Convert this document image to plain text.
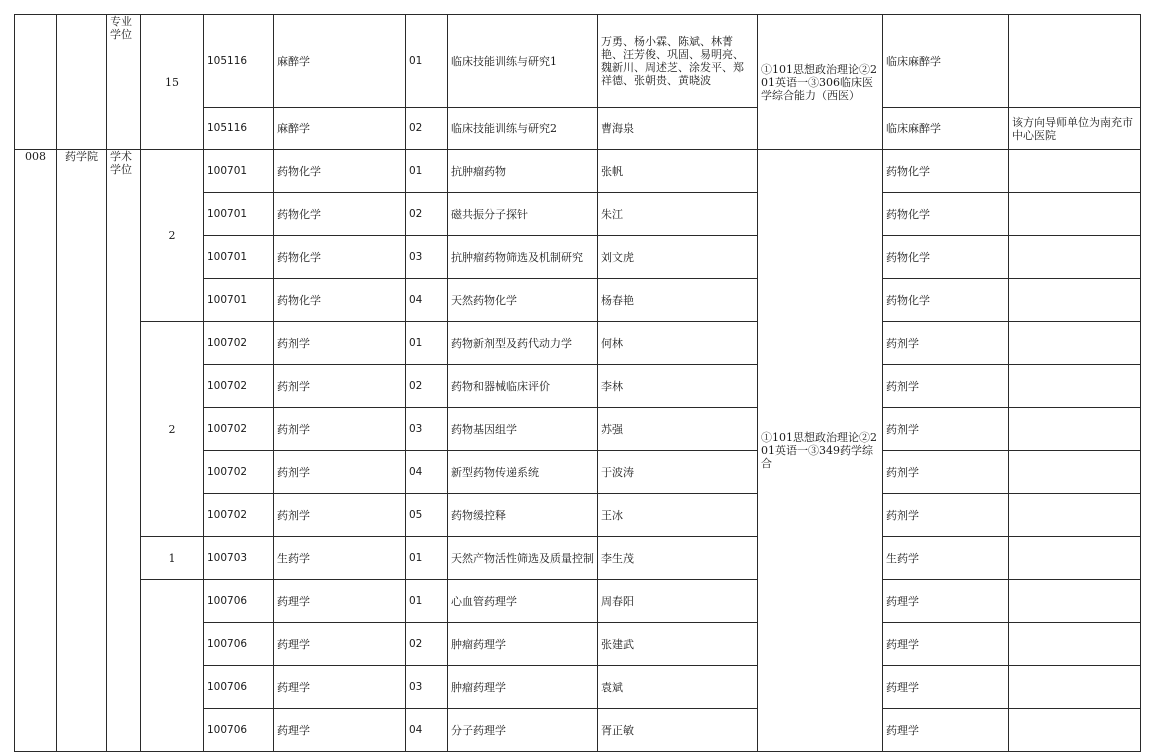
		专业学位	15	105116	麻醉学	01	临床技能训练与研究1	万勇、杨小霖、陈斌、林菁艳、汪芳俊、巩固、易明亮、魏新川、周述芝、涂发平、郑祥德、张朝贵、黄晓波	①101思想政治理论②201英语一③306临床医学综合能力（西医）	临床麻醉学	
				105116	麻醉学	02	临床技能训练与研究2	曹海泉		临床麻醉学	该方向导师单位为南充市中心医院

008	药学院	学术学位	2	100701	药物化学	01	抗肿瘤药物	张帆	①101思想政治理论②201英语一③349药学综合	药物化学	
				100701	药物化学	02	磁共振分子探针	朱江		药物化学	
				100701	药物化学	03	抗肿瘤药物筛选及机制研究	刘文虎		药物化学	
				100701	药物化学	04	天然药物化学	杨春艳		药物化学	
			2	100702	药剂学	01	药物新剂型及药代动力学	何林		药剂学	
				100702	药剂学	02	药物和器械临床评价	李林		药剂学	
				100702	药剂学	03	药物基因组学	苏强		药剂学	
				100702	药剂学	04	新型药物传递系统	于波涛		药剂学	
				100702	药剂学	05	药物缓控释	王冰		药剂学	
			1	100703	生药学	01	天然产物活性筛选及质量控制	李生茂		生药学	
				100706	药理学	01	心血管药理学	周春阳		药理学	
				100706	药理学	02	肿瘤药理学	张建武		药理学	
				100706	药理学	03	肿瘤药理学	袁斌		药理学	
				100706	药理学	04	分子药理学	胥正敏		药理学	
